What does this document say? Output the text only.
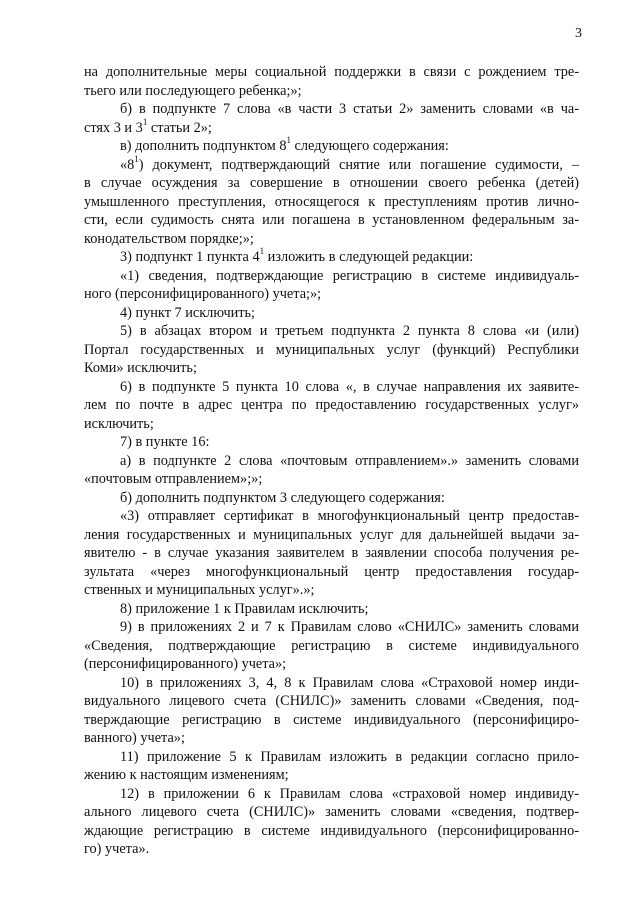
3
на дополнительные меры социальной поддержки в связи с рождением тре-
тьего или последующего ребенка;»;
б) в подпункте 7 слова «в части 3 статьи 2» заменить словами «в ча-
стях 3 и $3^1$ статьи 2»;
в) дополнить подпунктом $8^1$ следующего содержания:
«$8^1$) документ, подтверждающий снятие или погашение судимости, –
в случае осуждения за совершение в отношении своего ребенка (детей)
умышленного преступления, относящегося к преступлениям против лично-
сти, если судимость снята или погашена в установленном федеральным за-
конодательством порядке;»;
3) подпункт 1 пункта $4^1$ изложить в следующей редакции:
«1) сведения, подтверждающие регистрацию в системе индивидуаль-
ного (персонифицированного) учета;»;
4) пункт 7 исключить;
5) в абзацах втором и третьем подпункта 2 пункта 8 слова «и (или)
Портал государственных и муниципальных услуг (функций) Республики
Коми» исключить;
6) в подпункте 5 пункта 10 слова «, в случае направления их заявите-
лем по почте в адрес центра по предоставлению государственных услуг»
исключить;
7) в пункте 16:
а) в подпункте 2 слова «почтовым отправлением».» заменить словами
«почтовым отправлением»;»;
б) дополнить подпунктом 3 следующего содержания:
«3) отправляет сертификат в многофункциональный центр предостав-
ления государственных и муниципальных услуг для дальнейшей выдачи за-
явителю - в случае указания заявителем в заявлении способа получения ре-
зультата «через многофункциональный центр предоставления государ-
ственных и муниципальных услуг».»;
8) приложение 1 к Правилам исключить;
9) в приложениях 2 и 7 к Правилам слово «СНИЛС» заменить словами
«Сведения, подтверждающие регистрацию в системе индивидуального
(персонифицированного) учета»;
10) в приложениях 3, 4, 8 к Правилам слова «Страховой номер инди-
видуального лицевого счета (СНИЛС)» заменить словами «Сведения, под-
тверждающие регистрацию в системе индивидуального (персонифициро-
ванного) учета»;
11) приложение 5 к Правилам изложить в редакции согласно прило-
жению к настоящим изменениям;
12) в приложении 6 к Правилам слова «страховой номер индивиду-
ального лицевого счета (СНИЛС)» заменить словами «сведения, подтвер-
ждающие регистрацию в системе индивидуального (персонифицированно-
го) учета».
